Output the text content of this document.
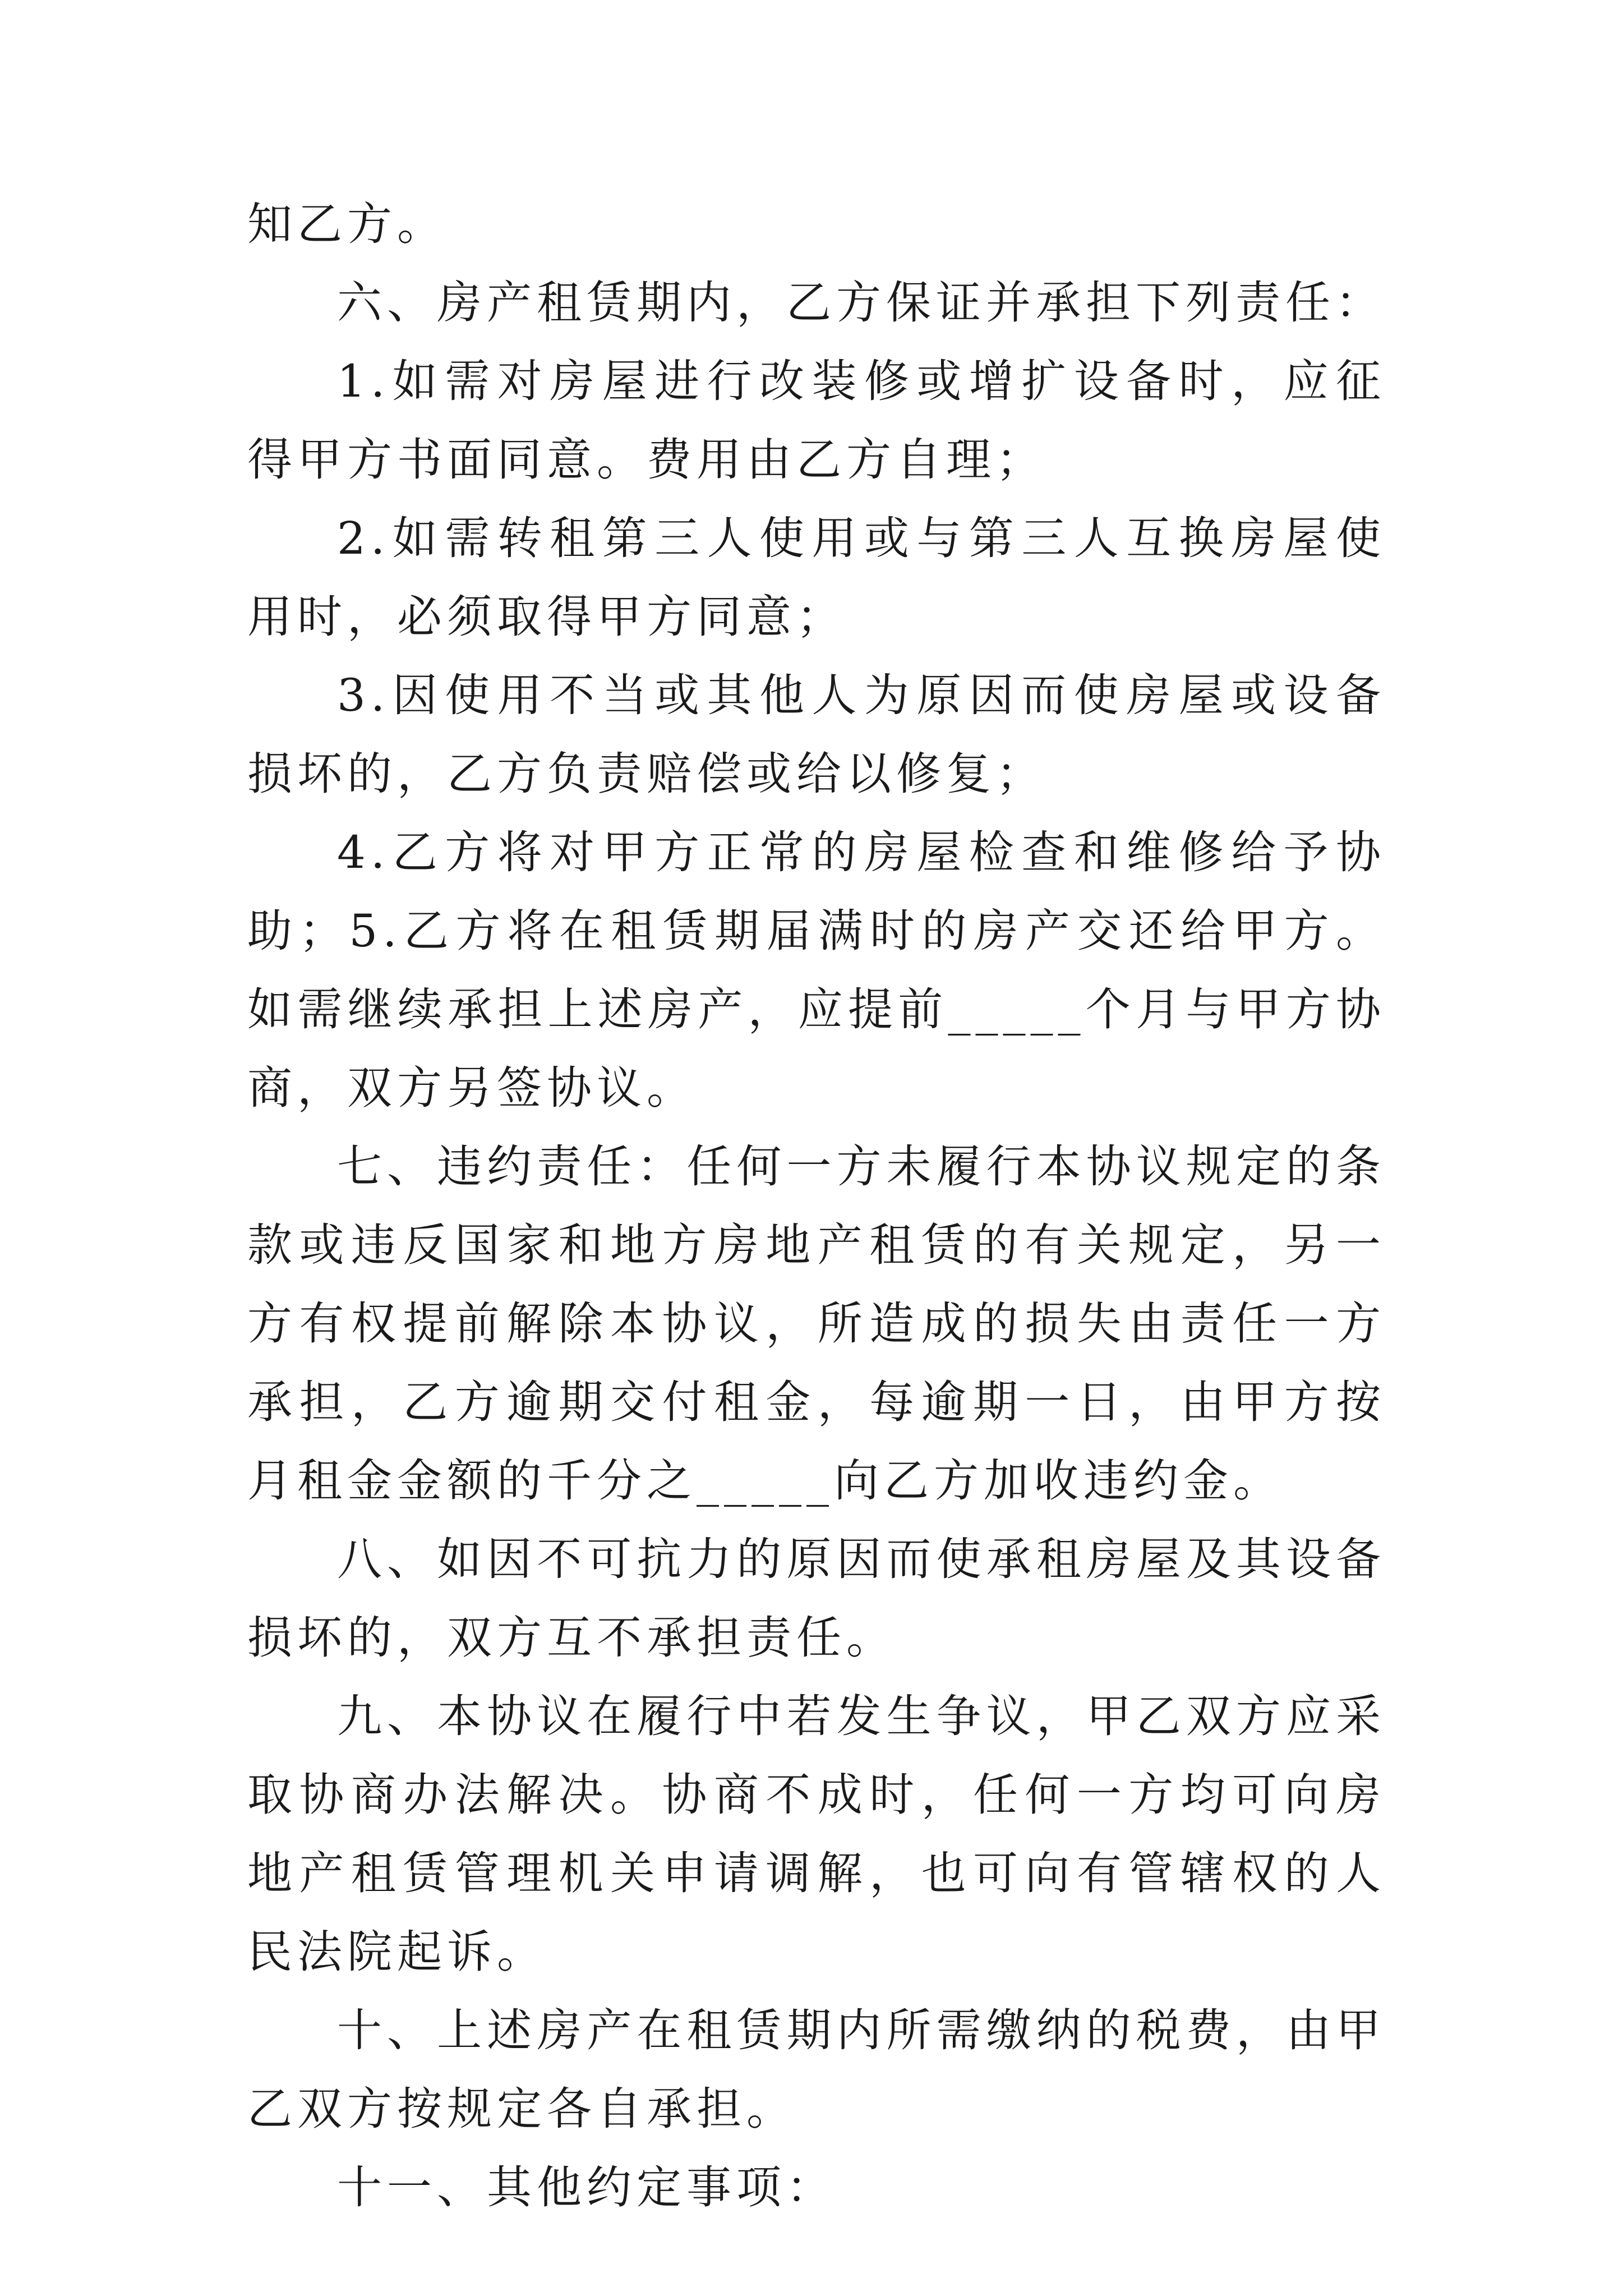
知乙方。

六、房产租赁期内，乙方保证并承担下列责任：

1.如需对房屋进行改装修或增扩设备时，应征得甲方书面同意。费用由乙方自理；

2.如需转租第三人使用或与第三人互换房屋使用时，必须取得甲方同意；

3.因使用不当或其他人为原因而使房屋或设备损坏的，乙方负责赔偿或给以修复；

4.乙方将对甲方正常的房屋检查和维修给予协助；5.乙方将在租赁期届满时的房产交还给甲方。如需继续承担上述房产，应提前_____个月与甲方协商，双方另签协议。

七、违约责任：任何一方未履行本协议规定的条款或违反国家和地方房地产租赁的有关规定，另一方有权提前解除本协议，所造成的损失由责任一方承担，乙方逾期交付租金，每逾期一日，由甲方按月租金金额的千分之_____向乙方加收违约金。

八、如因不可抗力的原因而使承租房屋及其设备损坏的，双方互不承担责任。

九、本协议在履行中若发生争议，甲乙双方应采取协商办法解决。协商不成时，任何一方均可向房地产租赁管理机关申请调解，也可向有管辖权的人民法院起诉。

十、上述房产在租赁期内所需缴纳的税费，由甲乙双方按规定各自承担。

十一、其他约定事项：
